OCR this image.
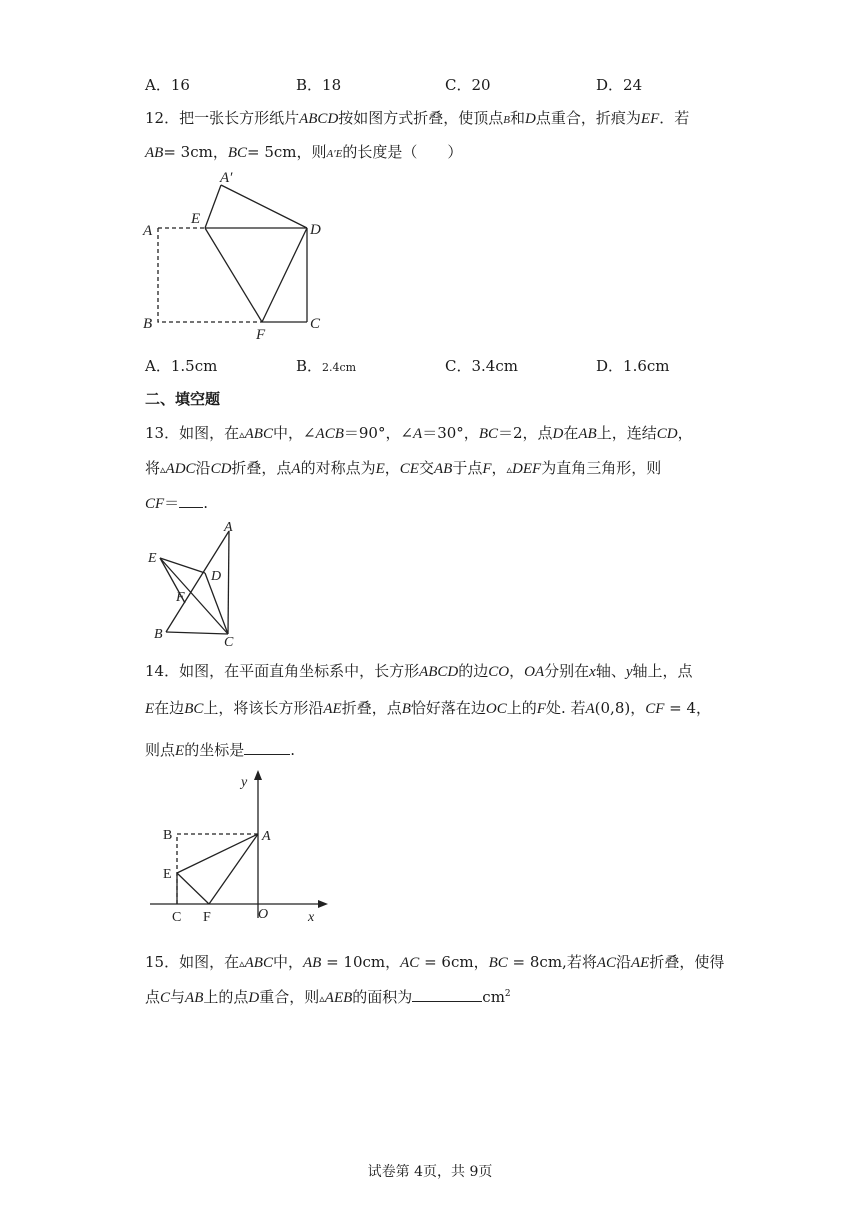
A．16	B．18	C．20	D．24
12．把一张长方形纸片ABCD按如图方式折叠，使顶点B和D点重合，折痕为EF．若
AB= 3cm，BC= 5cm，则A′E的长度是（　　）
A′
E
A	D
B
F
C
A．1.5cm	B．2.4cm	C．3.4cm	D．1.6cm
二、填空题
13．如图，在▵ABC中，∠ACB＝90°，∠A＝30°，BC＝2，点D在AB上，连结CD，
将▵ADC沿CD折叠，点A的对称点为E，CE交AB于点F，▵DEF为直角三角形，则
CF＝ .
A
E
D
F
B
C
14．如图，在平面直角坐标系中，长方形ABCD的边CO，OA分别在x轴、y轴上，点
E在边BC上，将该长方形沿AE折叠，点B恰好落在边OC上的F处. 若A(0,8)，CF = 4，
则点E的坐标是	.
y
B	A
E
C F	O	x
15．如图，在▵ABC中，AB = 10cm，AC = 6cm，BC = 8cm,若将AC沿AE折叠，使得
点C与AB上的点D重合，则▵AEB的面积为	$cm^2$
试卷第 4页，共 9页
